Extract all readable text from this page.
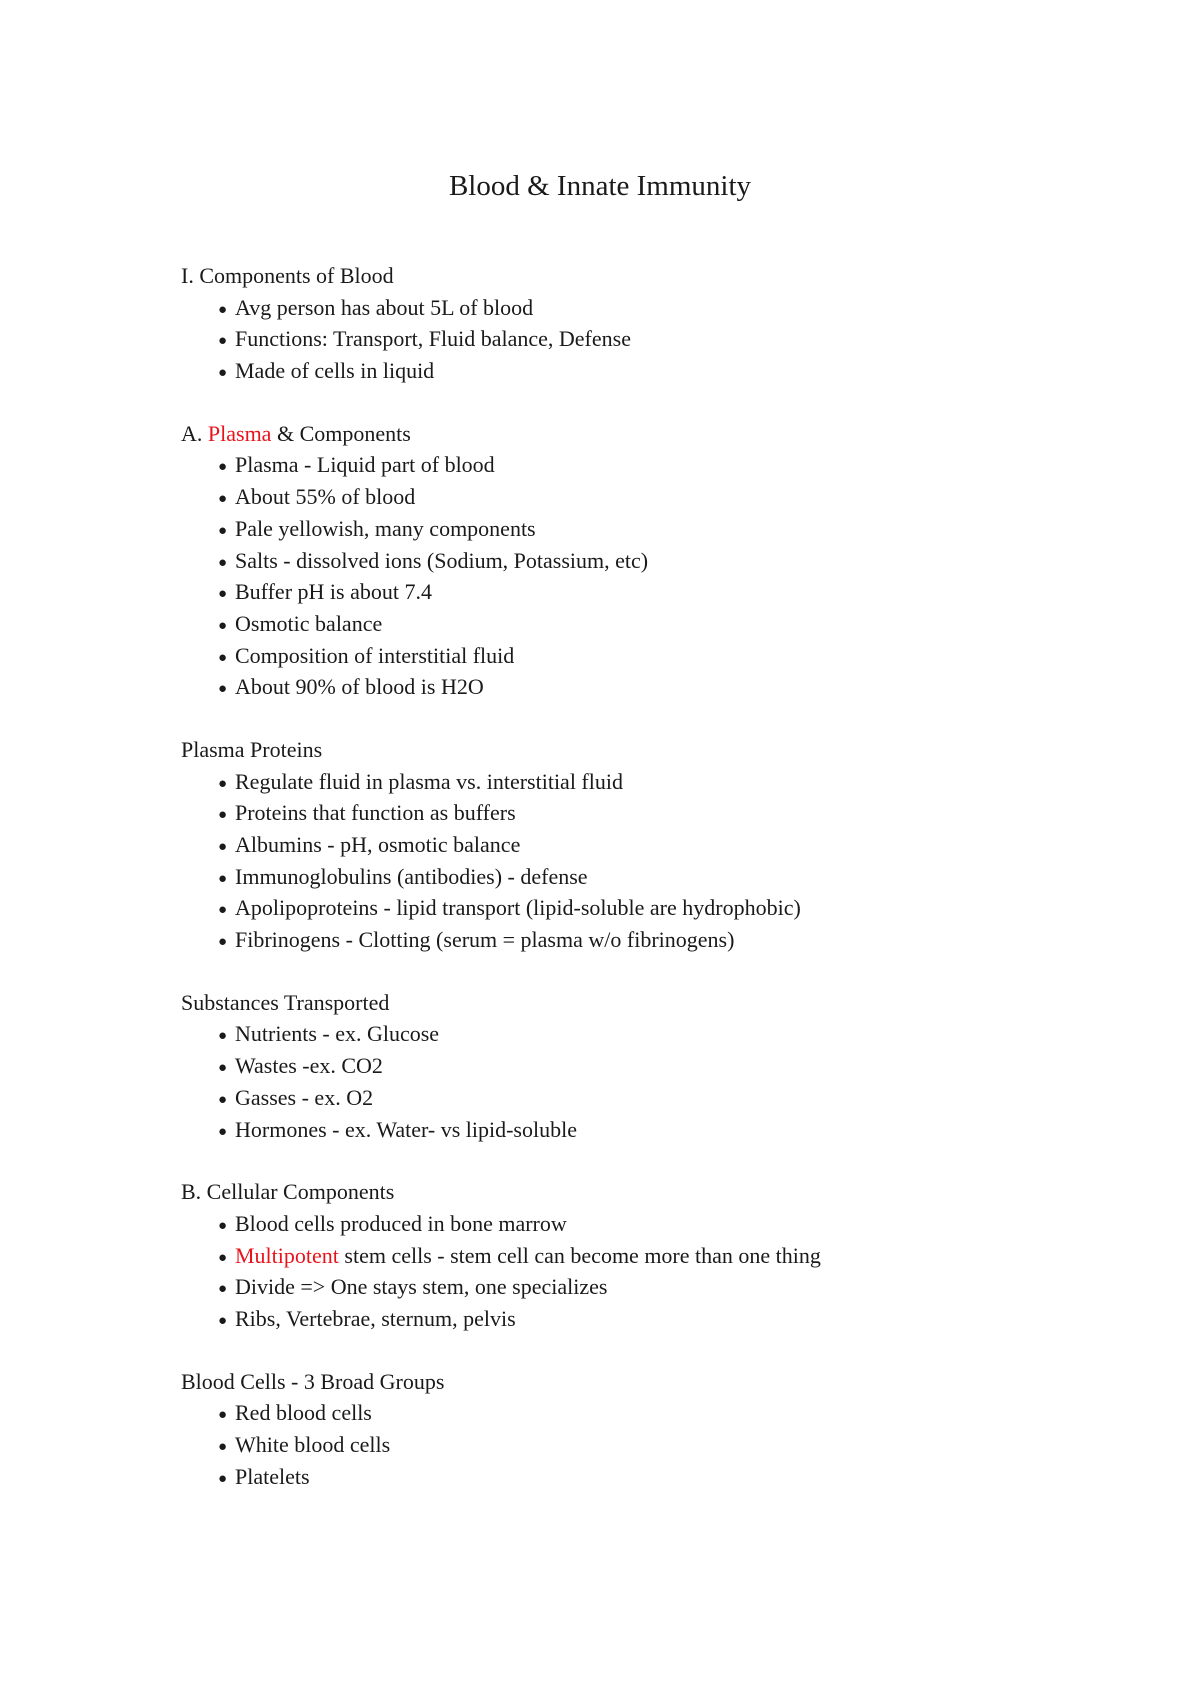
Blood & Innate Immunity
I. Components of Blood
● Avg person has about 5L of blood
● Functions: Transport, Fluid balance, Defense
● Made of cells in liquid
A. Plasma & Components
● Plasma - Liquid part of blood
● About 55% of blood
● Pale yellowish, many components
● Salts - dissolved ions (Sodium, Potassium, etc)
● Buffer pH is about 7.4
● Osmotic balance
● Composition of interstitial fluid
● About 90% of blood is H2O
Plasma Proteins
● Regulate fluid in plasma vs. interstitial fluid
● Proteins that function as buffers
● Albumins - pH, osmotic balance
● Immunoglobulins (antibodies) - defense
● Apolipoproteins - lipid transport (lipid-soluble are hydrophobic)
● Fibrinogens - Clotting (serum = plasma w/o fibrinogens)
Substances Transported
● Nutrients - ex. Glucose
● Wastes -ex. CO2
● Gasses - ex. O2
● Hormones - ex. Water- vs lipid-soluble
B. Cellular Components
● Blood cells produced in bone marrow
● Multipotent stem cells - stem cell can become more than one thing
● Divide => One stays stem, one specializes
● Ribs, Vertebrae, sternum, pelvis
Blood Cells - 3 Broad Groups
● Red blood cells
● White blood cells
● Platelets
